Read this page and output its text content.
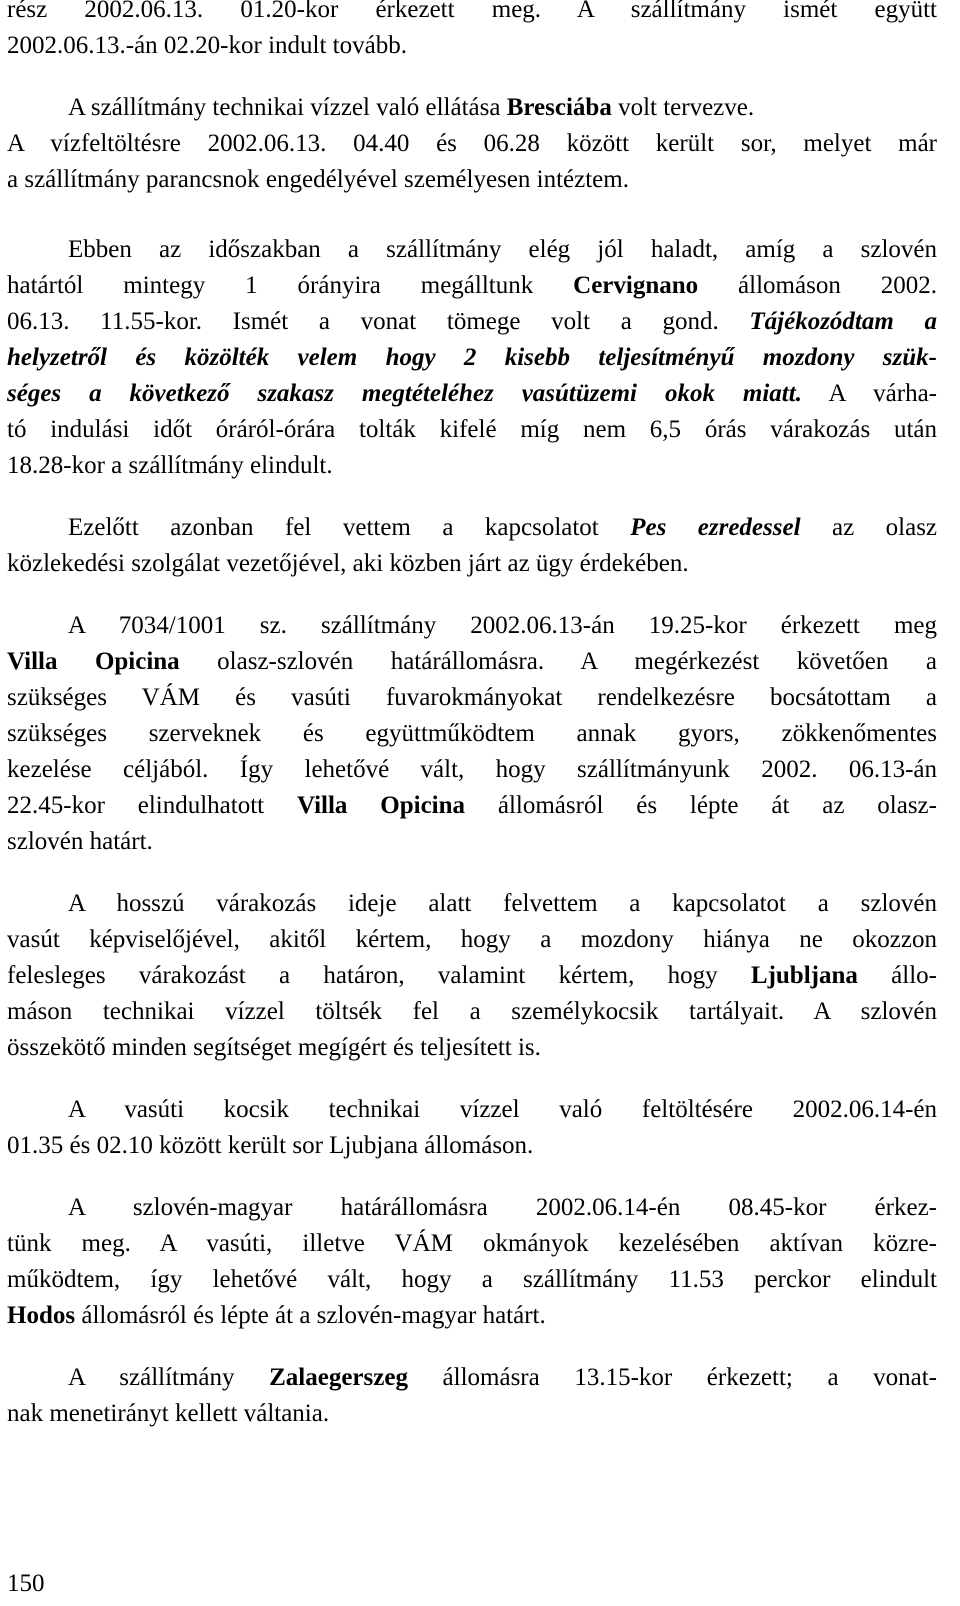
rész 2002.06.13. 01.20-kor érkezett meg. A szállítmány ismét együtt
2002.06.13.-án 02.20-kor indult tovább.
A szállítmány technikai vízzel való ellátása Bresciába volt tervezve.
A vízfeltöltésre 2002.06.13. 04.40 és 06.28 között került sor, melyet már
a szállítmány parancsnok engedélyével személyesen intéztem.
Ebben az időszakban a szállítmány elég jól haladt, amíg a szlovén
határtól mintegy 1 órányira megálltunk Cervignano állomáson 2002.
06.13. 11.55-kor. Ismét a vonat tömege volt a gond. Tájékozódtam a
helyzetről és közölték velem hogy 2 kisebb teljesítményű mozdony szük-
séges a következő szakasz megtételéhez vasútüzemi okok miatt. A várha-
tó indulási időt óráról-órára tolták kifelé míg nem 6,5 órás várakozás után
18.28-kor a szállítmány elindult.
Ezelőtt azonban fel vettem a kapcsolatot Pes ezredessel az olasz
közlekedési szolgálat vezetőjével, aki közben járt az ügy érdekében.
A 7034/1001 sz. szállítmány 2002.06.13-án 19.25-kor érkezett meg
Villa Opicina olasz-szlovén határállomásra. A megérkezést követően a
szükséges VÁM és vasúti fuvarokmányokat rendelkezésre bocsátottam a
szükséges szerveknek és együttműködtem annak gyors, zökkenőmentes
kezelése céljából. Így lehetővé vált, hogy szállítmányunk 2002. 06.13-án
22.45-kor elindulhatott Villa Opicina állomásról és lépte át az olasz-
szlovén határt.
A hosszú várakozás ideje alatt felvettem a kapcsolatot a szlovén
vasút képviselőjével, akitől kértem, hogy a mozdony hiánya ne okozzon
felesleges várakozást a határon, valamint kértem, hogy Ljubljana állo-
máson technikai vízzel töltsék fel a személykocsik tartályait. A szlovén
összekötő minden segítséget megígért és teljesített is.
A vasúti kocsik technikai vízzel való feltöltésére 2002.06.14-én
01.35 és 02.10 között került sor Ljubjana állomáson.
A szlovén-magyar határállomásra 2002.06.14-én 08.45-kor érkez-
tünk meg. A vasúti, illetve VÁM okmányok kezelésében aktívan közre-
működtem, így lehetővé vált, hogy a szállítmány 11.53 perckor elindult
Hodos állomásról és lépte át a szlovén-magyar határt.
A szállítmány Zalaegerszeg állomásra 13.15-kor érkezett; a vonat-
nak menetirányt kellett váltania.
150
